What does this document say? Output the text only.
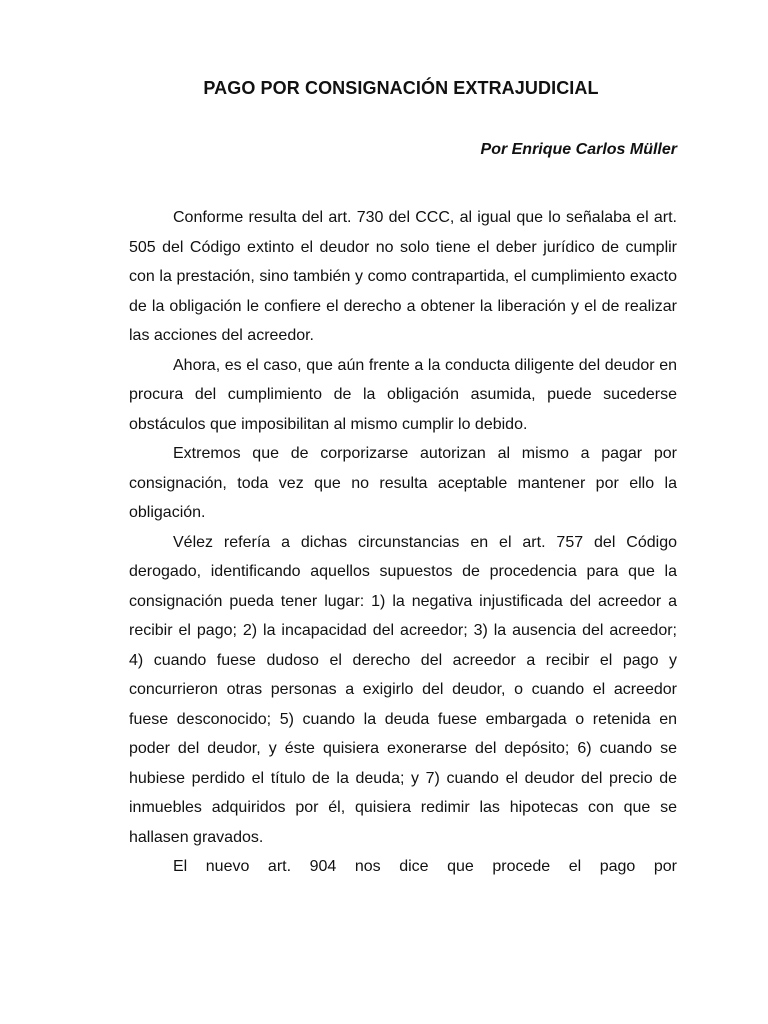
PAGO POR CONSIGNACIÓN EXTRAJUDICIAL

Por Enrique Carlos Müller

Conforme resulta del art. 730 del CCC, al igual que lo señalaba el art. 505 del Código extinto el deudor no solo tiene el deber jurídico de cumplir con la prestación, sino también y como contrapartida, el cumplimiento exacto de la obligación le confiere el derecho a obtener la liberación y el de realizar las acciones del acreedor.

Ahora, es el caso, que aún frente a la conducta diligente del deudor en procura del cumplimiento de la obligación asumida, puede sucederse obstáculos que imposibilitan al mismo cumplir lo debido.

Extremos que de corporizarse autorizan al mismo a pagar por consignación, toda vez que no resulta aceptable mantener por ello la obligación.

Vélez refería a dichas circunstancias en el art. 757 del Código derogado, identificando aquellos supuestos de procedencia para que la consignación pueda tener lugar: 1) la negativa injustificada del acreedor a recibir el pago; 2) la incapacidad del acreedor; 3) la ausencia del acreedor; 4) cuando fuese dudoso el derecho del acreedor a recibir el pago y concurrieron otras personas a exigirlo del deudor, o cuando el acreedor fuese desconocido; 5) cuando la deuda fuese embargada o retenida en poder del deudor, y éste quisiera exonerarse del depósito; 6) cuando se hubiese perdido el título de la deuda; y 7) cuando el deudor del precio de inmuebles adquiridos por él, quisiera redimir las hipotecas con que se hallasen gravados.

El nuevo art. 904 nos dice que procede el pago por
